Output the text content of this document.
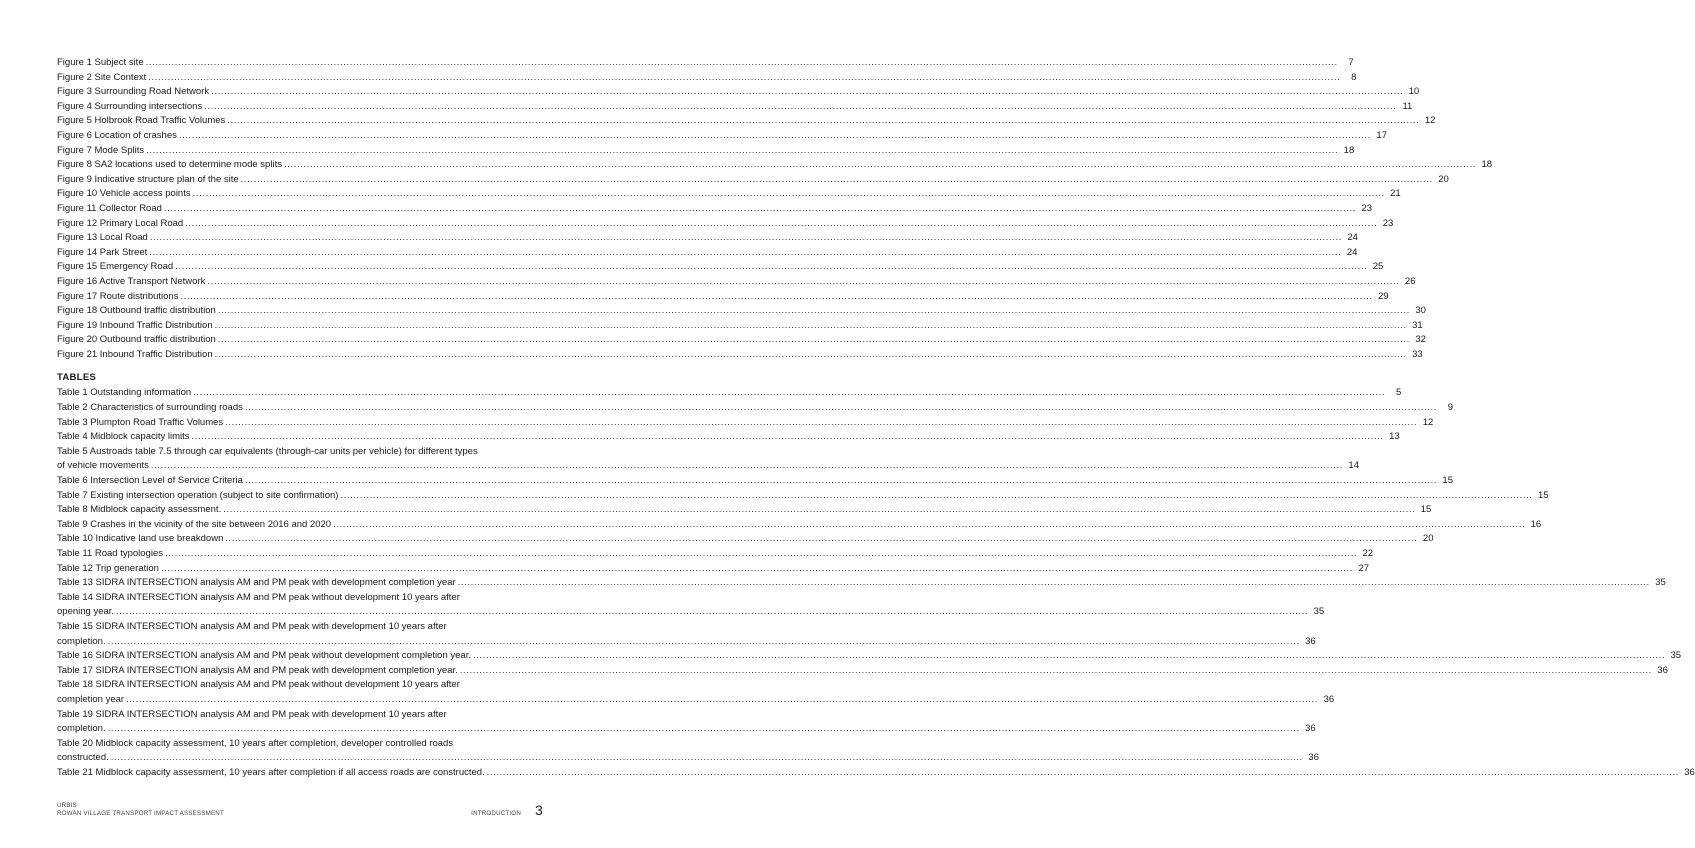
Figure 1 Subject site .....	7
Figure 2 Site Context .....	8
Figure 3 Surrounding Road Network .....	10
Figure 4 Surrounding intersections .....	11
Figure 5 Holbrook Road Traffic Volumes .....	12
Figure 6 Location of crashes .....	17
Figure 7 Mode Splits .....	18
Figure 8 SA2 locations used to determine mode splits .....	18
Figure 9 Indicative structure plan of the site .....	20
Figure 10 Vehicle access points .....	21
Figure 11 Collector Road .....	23
Figure 12 Primary Local Road .....	23
Figure 13 Local Road .....	24
Figure 14 Park Street .....	24
Figure 15 Emergency Road .....	25
Figure 16 Active Transport Network .....	26
Figure 17 Route distributions .....	29
Figure 18 Outbound traffic distribution .....	30
Figure 19 Inbound Traffic Distribution .....	31
Figure 20 Outbound traffic distribution .....	32
Figure 21 Inbound Traffic Distribution .....	33
TABLES
Table 1 Outstanding information .....	5
Table 2 Characteristics of surrounding roads .....	9
Table 3 Plumpton Road Traffic Volumes .....	12
Table 4 Midblock capacity limits .....	13
Table 5 Austroads table 7.5 through car equivalents (through-car units per vehicle) for different types
of vehicle movements .....	14
Table 6 Intersection Level of Service Criteria .....	15
Table 7 Existing intersection operation (subject to site confirmation) .....	15
Table 8 Midblock capacity assessment. .....	15
Table 9 Crashes in the vicinity of the site between 2016 and 2020 .....	16
Table 10 Indicative land use breakdown .....	20
Table 11 Road typologies .....	22
Table 12 Trip generation .....	27
Table 13 SIDRA INTERSECTION analysis AM and PM peak with development completion year .....	35
Table 14 SIDRA INTERSECTION analysis AM and PM peak without development 10 years after
opening year. .....	35
Table 15 SIDRA INTERSECTION analysis AM and PM peak with development 10 years after
completion. .....	36
Table 16 SIDRA INTERSECTION analysis AM and PM peak without development completion year. .....	35
Table 17 SIDRA INTERSECTION analysis AM and PM peak with development completion year. .....	36
Table 18 SIDRA INTERSECTION analysis AM and PM peak without development 10 years after
completion year .....	36
Table 19 SIDRA INTERSECTION analysis AM and PM peak with development 10 years after
completion. .....	36
Table 20 Midblock capacity assessment, 10 years after completion, developer controlled roads
constructed. .....	36
Table 21 Midblock capacity assessment, 10 years after completion if all access roads are constructed. .....	36
URBIS
ROWAN VILLAGE TRANSPORT IMPACT ASSESSMENT	INTRODUCTION 3
